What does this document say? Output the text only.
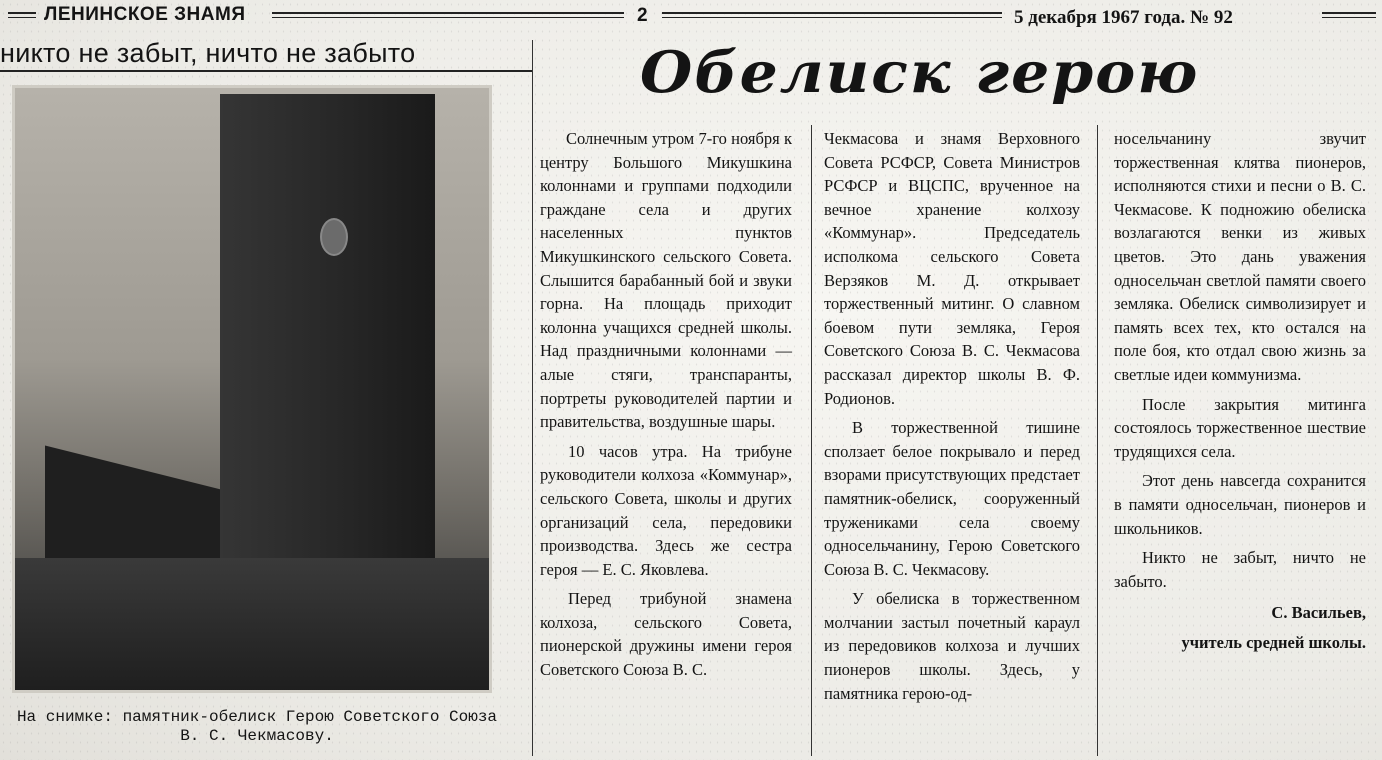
ЛЕНИНСКОЕ ЗНАМЯ	2	5 декабря 1967 года. № 92
никто не забыт, ничто не забыто	Обелиск герою
На снимке: памятник-обелиск Герою Советского Союза
В. С. Чекмасову.

Солнечным утром 7-го ноября к центру Большого Микушкина колоннами и группами подходили граждане села и других населенных пунктов Микушкинского сельского Совета. Слышится барабанный бой и звуки горна. На площадь приходит колонна учащихся средней школы. Над праздничными колоннами — алые стяги, транспаранты, портреты руководителей партии и правительства, воздушные шары.

10 часов утра. На трибуне руководители колхоза «Коммунар», сельского Совета, школы и других организаций села, передовики производства. Здесь же сестра героя — Е. С. Яковлева.

Перед трибуной знамена колхоза, сельского Совета, пионерской дружины имени героя Советского Союза В. С.

Чекмасова и знамя Верховного Совета РСФСР, Совета Министров РСФСР и ВЦСПС, врученное на вечное хранение колхозу «Коммунар». Председатель исполкома сельского Совета Верзяков М. Д. открывает торжественный митинг. О славном боевом пути земляка, Героя Советского Союза В. С. Чекмасова рассказал директор школы В. Ф. Родионов.

В торжественной тишине сползает белое покрывало и перед взорами присутствующих предстает памятник-обелиск, сооруженный тружениками села своему односельчанину, Герою Советского Союза В. С. Чекмасову.

У обелиска в торжественном молчании застыл почетный караул из передовиков колхоза и лучших пионеров школы. Здесь, у памятника герою-од-

носельчанину звучит торжественная клятва пионеров, исполняются стихи и песни о В. С. Чекмасове. К подножию обелиска возлагаются венки из живых цветов. Это дань уважения односельчан светлой памяти своего земляка. Обелиск символизирует и память всех тех, кто остался на поле боя, кто отдал свою жизнь за светлые идеи коммунизма.

После закрытия митинга состоялось торжественное шествие трудящихся села.

Этот день навсегда сохранится в памяти односельчан, пионеров и школьников.

Никто не забыт, ничто не забыто.

С. Васильев,

учитель средней школы.
